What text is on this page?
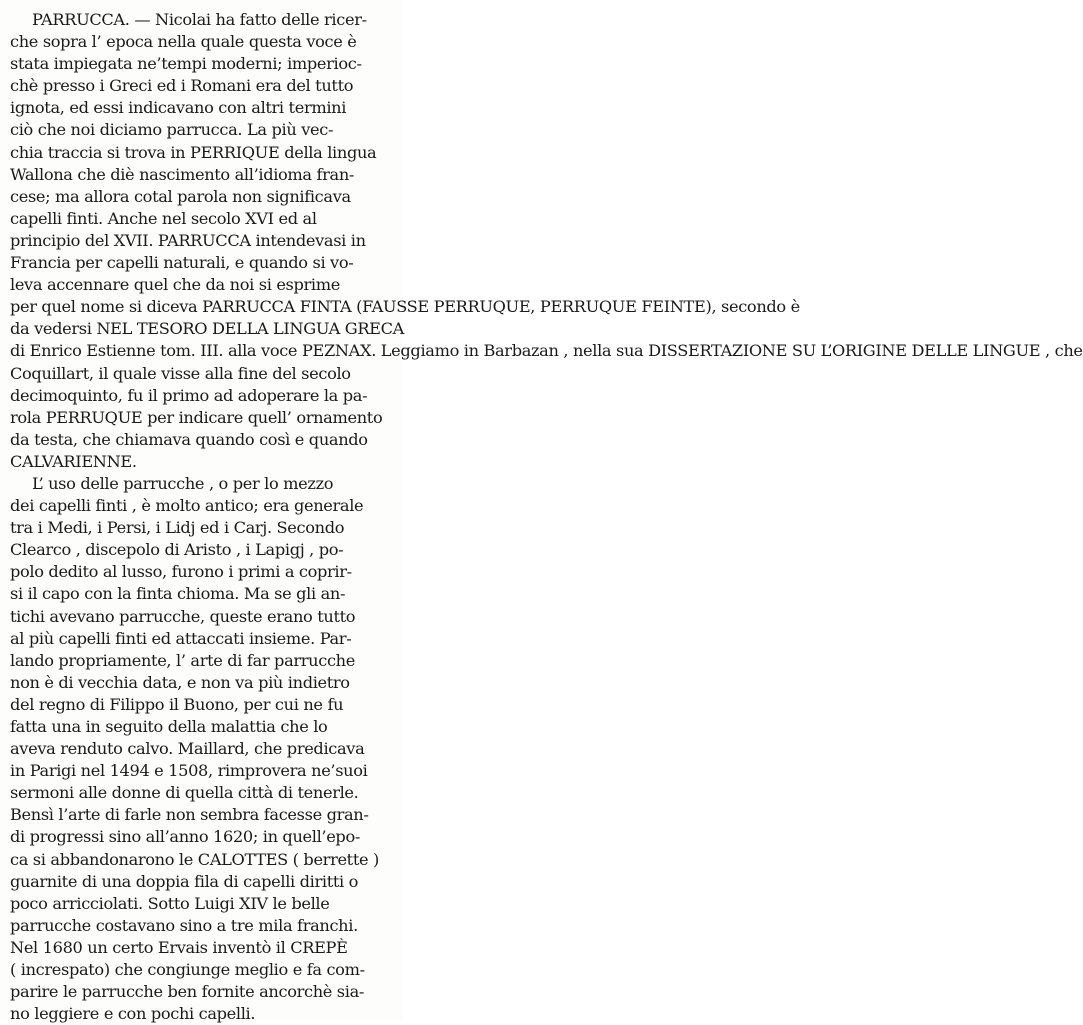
PARRUCCA. — Nicolai ha fatto delle ricer-
che sopra l’ epoca nella quale questa voce è
stata impiegata ne’tempi moderni; imperioc-
chè presso i Greci ed i Romani era del tutto
ignota, ed essi indicavano con altri termini
ciò che noi diciamo parrucca. La più vec-
chia traccia si trova in PERRIQUE della lingua
Wallona che diè nascimento all’idioma fran-
cese; ma allora cotal parola non significava
capelli finti. Anche nel secolo XVI ed al
principio del XVII. PARRUCCA intendevasi in
Francia per capelli naturali, e quando si vo-
leva accennare quel che da noi si esprime
per quel nome si diceva PARRUCCA FINTA (FAUSSE PERRUQUE, PERRUQUE FEINTE), secondo è
da vedersi NEL TESORO DELLA LINGUA GRECA
di Enrico Estienne tom. III. alla voce PEZNAX. Leggiamo in Barbazan , nella sua DISSERTAZIONE SU L’ORIGINE DELLE LINGUE , che
Coquillart, il quale visse alla fine del secolo
decimoquinto, fu il primo ad adoperare la pa-
rola PERRUQUE per indicare quell’ ornamento
da testa, che chiamava quando così e quando
CALVARIENNE.
L’ uso delle parrucche , o per lo mezzo
dei capelli finti , è molto antico; era generale
tra i Medi, i Persi, i Lidj ed i Carj. Secondo
Clearco , discepolo di Aristo , i Lapigj , po-
polo dedito al lusso, furono i primi a coprir-
si il capo con la finta chioma. Ma se gli an-
tichi avevano parrucche, queste erano tutto
al più capelli finti ed attaccati insieme. Par-
lando propriamente, l’ arte di far parrucche
non è di vecchia data, e non va più indietro
del regno di Filippo il Buono, per cui ne fu
fatta una in seguito della malattia che lo
aveva renduto calvo. Maillard, che predicava
in Parigi nel 1494 e 1508, rimprovera ne’suoi
sermoni alle donne di quella città di tenerle.
Bensì l’arte di farle non sembra facesse gran-
di progressi sino all’anno 1620; in quell’epo-
ca si abbandonarono le CALOTTES ( berrette )
guarnite di una doppia fila di capelli diritti o
poco arricciolati. Sotto Luigi XIV le belle
parrucche costavano sino a tre mila franchi.
Nel 1680 un certo Ervais inventò il CREPÈ
( increspato) che congiunge meglio e fa com-
parire le parrucche ben fornite ancorchè sia-
no leggiere e con pochi capelli.
